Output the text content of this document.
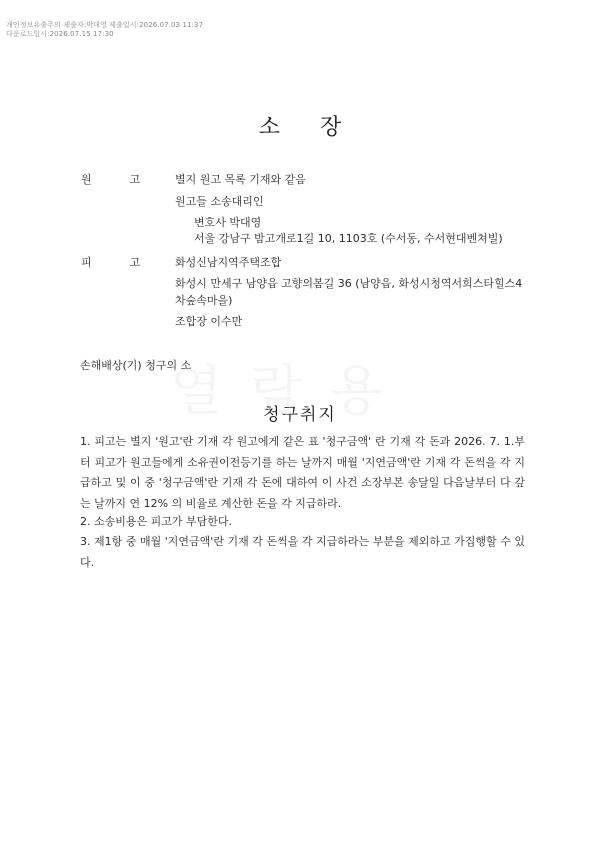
개인정보유출주의 제출자:박대영 제출일시:2026.07.03 11:37
다운로드일시:2026.07.15 17:30
소장
원	고	별지 원고 목록 기재와 같음
원고들 소송대리인
변호사 박대영
서울 강남구 밤고개로1길 10, 1103호 (수서동, 수서현대벤쳐빌)
피	고	화성신남지역주택조합
화성시 만세구 남양읍 고향의봄길 36 (남양읍, 화성시청역서희스타힐스4
차숲속마을)
조합장 이수만
손해배상(기) 청구의 소
청구취지
1. 피고는 별지 '원고'란 기재 각 원고에게 같은 표 '청구금액' 란 기재 각 돈과 2026. 7. 1.부터 피고가 원고들에게 소유권이전등기를 하는 날까지 매월 '지연금액'란 기재 각 돈씩을 각 지급하고 및 이 중 '청구금액'란 기재 각 돈에 대하여 이 사건 소장부본 송달일 다음날부터 다 갚는 날까지 연 12% 의 비율로 계산한 돈을 각 지급하라.
2. 소송비용은 피고가 부담한다.
3. 제1항 중 매월 '지연금액'란 기재 각 돈씩을 각 지급하라는 부분을 제외하고 가집행할 수 있다.
